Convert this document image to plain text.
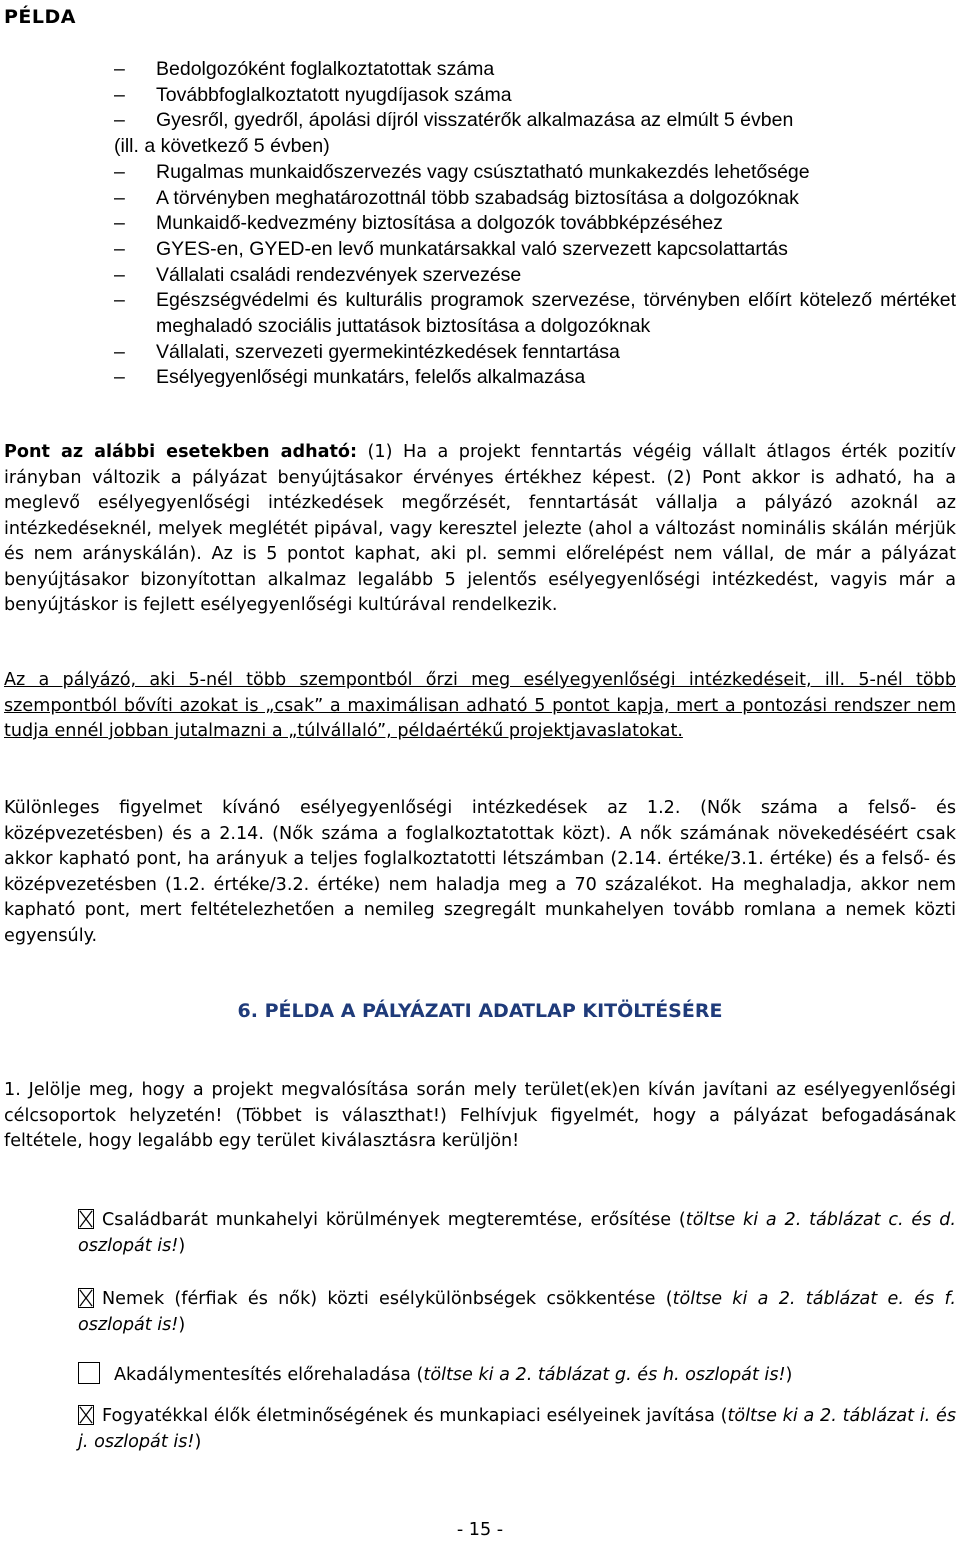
PÉLDA
–	Bedolgozóként foglalkoztatottak száma
–	Továbbfoglalkoztatott nyugdíjasok száma
–	Gyesről, gyedről, ápolási díjról visszatérők alkalmazása az elmúlt 5 évben
(ill. a következő 5 évben)
–	Rugalmas munkaidőszervezés vagy csúsztatható munkakezdés lehetősége
–	A törvényben meghatározottnál több szabadság biztosítása a dolgozóknak
–	Munkaidő-kedvezmény biztosítása a dolgozók továbbképzéséhez
–	GYES-en, GYED-en levő munkatársakkal való szervezett kapcsolattartás
–	Vállalati családi rendezvények szervezése
–	Egészségvédelmi és kulturális programok szervezése, törvényben előírt kötelező mértéket meghaladó szociális juttatások biztosítása a dolgozóknak
–	Vállalati, szervezeti gyermekintézkedések fenntartása
–	Esélyegyenlőségi munkatárs, felelős alkalmazása
Pont az alábbi esetekben adható: (1) Ha a projekt fenntartás végéig vállalt átlagos érték pozitív irányban változik a pályázat benyújtásakor érvényes értékhez képest. (2) Pont akkor is adható, ha a meglevő esélyegyenlőségi intézkedések megőrzését, fenntartását vállalja a pályázó azoknál az intézkedéseknél, melyek meglétét pipával, vagy keresztel jelezte (ahol a változást nominális skálán mérjük és nem arányskálán). Az is 5 pontot kaphat, aki pl. semmi előrelépést nem vállal, de már a pályázat benyújtásakor bizonyítottan alkalmaz legalább 5 jelentős esélyegyenlőségi intézkedést, vagyis már a benyújtáskor is fejlett esélyegyenlőségi kultúrával rendelkezik.
Az a pályázó, aki 5-nél több szempontból őrzi meg esélyegyenlőségi intézkedéseit, ill. 5-nél több szempontból bővíti azokat is „csak” a maximálisan adható 5 pontot kapja, mert a pontozási rendszer nem tudja ennél jobban jutalmazni a „túlvállaló”, példaértékű projektjavaslatokat.
Különleges figyelmet kívánó esélyegyenlőségi intézkedések az 1.2. (Nők száma a felső- és középvezetésben) és a 2.14. (Nők száma a foglalkoztatottak közt). A nők számának növekedéséért csak akkor kapható pont, ha arányuk a teljes foglalkoztatotti létszámban (2.14. értéke/3.1. értéke) és a felső- és középvezetésben (1.2. értéke/3.2. értéke) nem haladja meg a 70 százalékot. Ha meghaladja, akkor nem kapható pont, mert feltételezhetően a nemileg szegregált munkahelyen tovább romlana a nemek közti egyensúly.
6. PÉLDA A PÁLYÁZATI ADATLAP KITÖLTÉSÉRE
1. Jelölje meg, hogy a projekt megvalósítása során mely terület(ek)en kíván javítani az esélyegyenlőségi célcsoportok helyzetén! (Többet is választhat!) Felhívjuk figyelmét, hogy a pályázat befogadásának feltétele, hogy legalább egy terület kiválasztásra kerüljön!
Családbarát munkahelyi körülmények megteremtése, erősítése (töltse ki a 2. táblázat c. és d. oszlopát is!)
Nemek (férfiak és nők) közti esélykülönbségek csökkentése (töltse ki a 2. táblázat e. és f. oszlopát is!)
Akadálymentesítés előrehaladása (töltse ki a 2. táblázat g. és h. oszlopát is!)
Fogyatékkal élők életminőségének és munkapiaci esélyeinek javítása (töltse ki a 2. táblázat i. és j. oszlopát is!)
- 15 -
